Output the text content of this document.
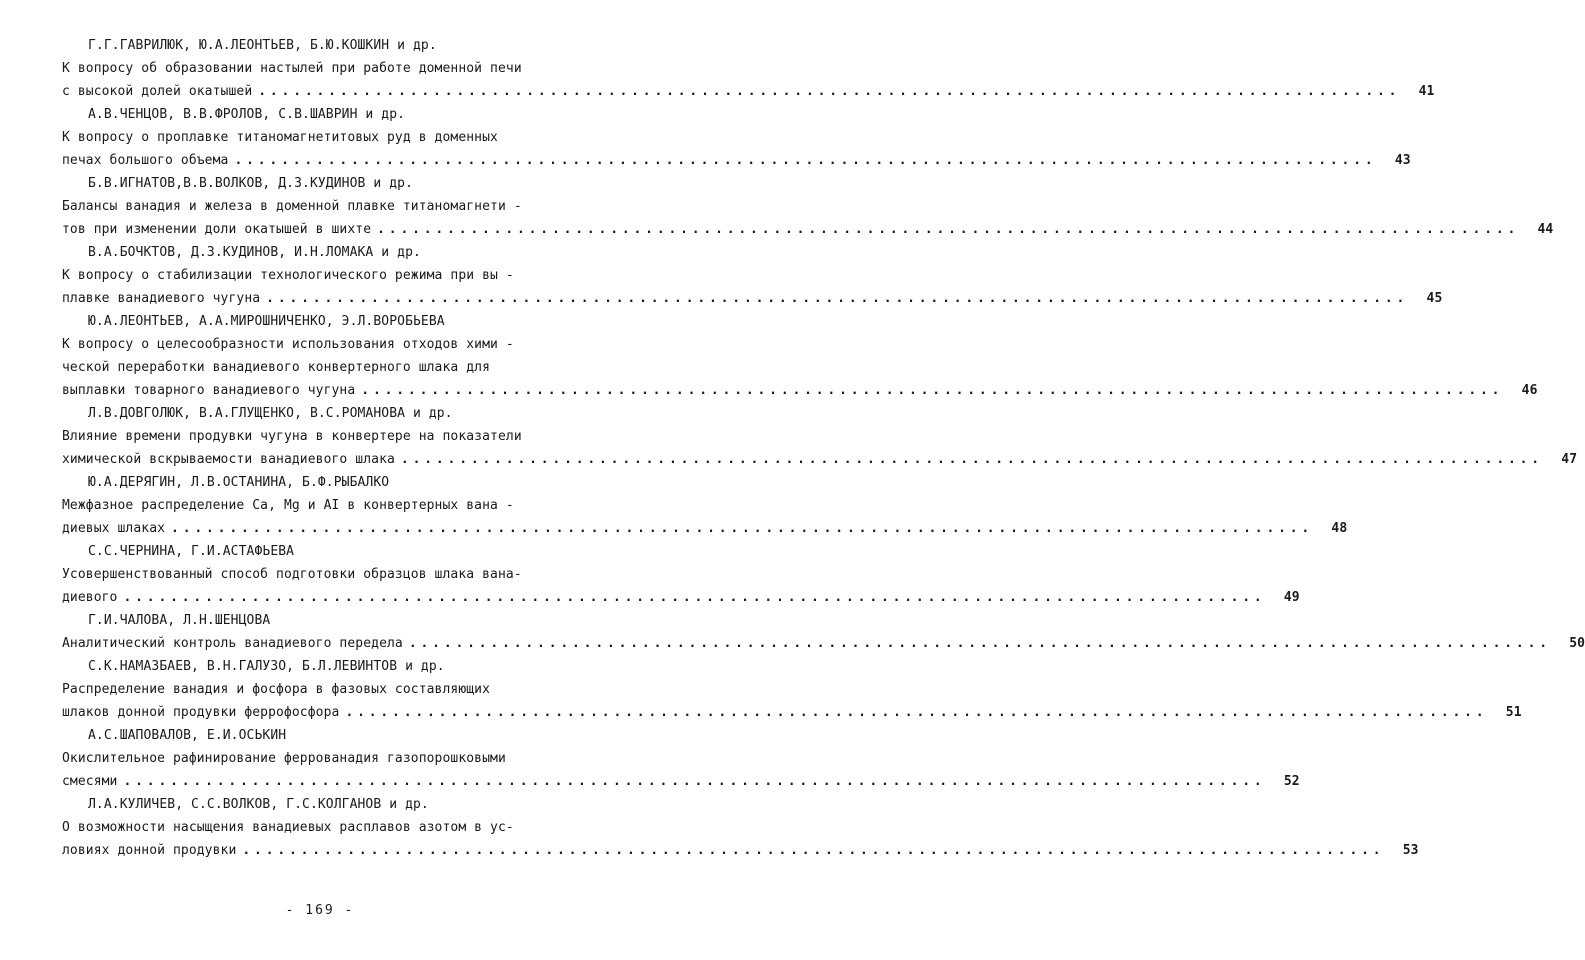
Г.Г.ГАВРИЛЮК, Ю.А.ЛЕОНТЬЕВ, Б.Ю.КОШКИН и др.
К вопросу об образовании настылей при работе доменной печи
с высокой долей окатышей . . .	41
А.В.ЧЕНЦОВ, В.В.ФРОЛОВ, С.В.ШАВРИН и др.
К вопросу о проплавке титаномагнетитовых руд в доменных
печах большого объема . . .	43
Б.В.ИГНАТОВ,В.В.ВОЛКОВ, Д.З.КУДИНОВ и др.
Балансы ванадия и железа в доменной плавке титаномагнети -
тов при изменении доли окатышей в шихте . . .	44
В.А.БОЧКТОВ, Д.З.КУДИНОВ, И.Н.ЛОМАКА и др.
К вопросу о стабилизации технологического режима при вы -
плавке ванадиевого чугуна . . .	45
Ю.А.ЛЕОНТЬЕВ, А.А.МИРОШНИЧЕНКО, Э.Л.ВОРОБЬЕВА
К вопросу о целесообразности использования отходов хими -
ческой переработки ванадиевого конвертерного шлака для
выплавки товарного ванадиевого чугуна . . .	46
Л.В.ДОВГОЛЮК, В.А.ГЛУЩЕНКО, В.С.РОМАНОВА и др.
Влияние времени продувки чугуна в конвертере на показатели
химической вскрываемости ванадиевого шлака . . .	47
Ю.А.ДЕРЯГИН, Л.В.ОСТАНИНА, Б.Ф.РЫБАЛКО
Межфазное распределение Са, Mg и AI в конвертерных вана -
диевых шлаках . . .	48
С.С.ЧЕРНИНА, Г.И.АСТАФЬЕВА
Усовершенствованный способ подготовки образцов шлака вана-
диевого . . .	49
Г.И.ЧАЛОВА, Л.Н.ШЕНЦОВА
Аналитический контроль ванадиевого передела . . .	50
С.К.НАМАЗБАЕВ, В.Н.ГАЛУЗО, Б.Л.ЛЕВИНТОВ и др.
Распределение ванадия и фосфора в фазовых составляющих
шлаков донной продувки феррофосфора . . .	51
А.С.ШАПОВАЛОВ, Е.И.ОСЬКИН
Окислительное рафинирование феррованадия газопорошковыми
смесями . . .	52
Л.А.КУЛИЧЕВ, С.С.ВОЛКОВ, Г.С.КОЛГАНОВ и др.
О возможности насыщения ванадиевых расплавов азотом в ус-
ловиях донной продувки . . .	53
- 169 -
